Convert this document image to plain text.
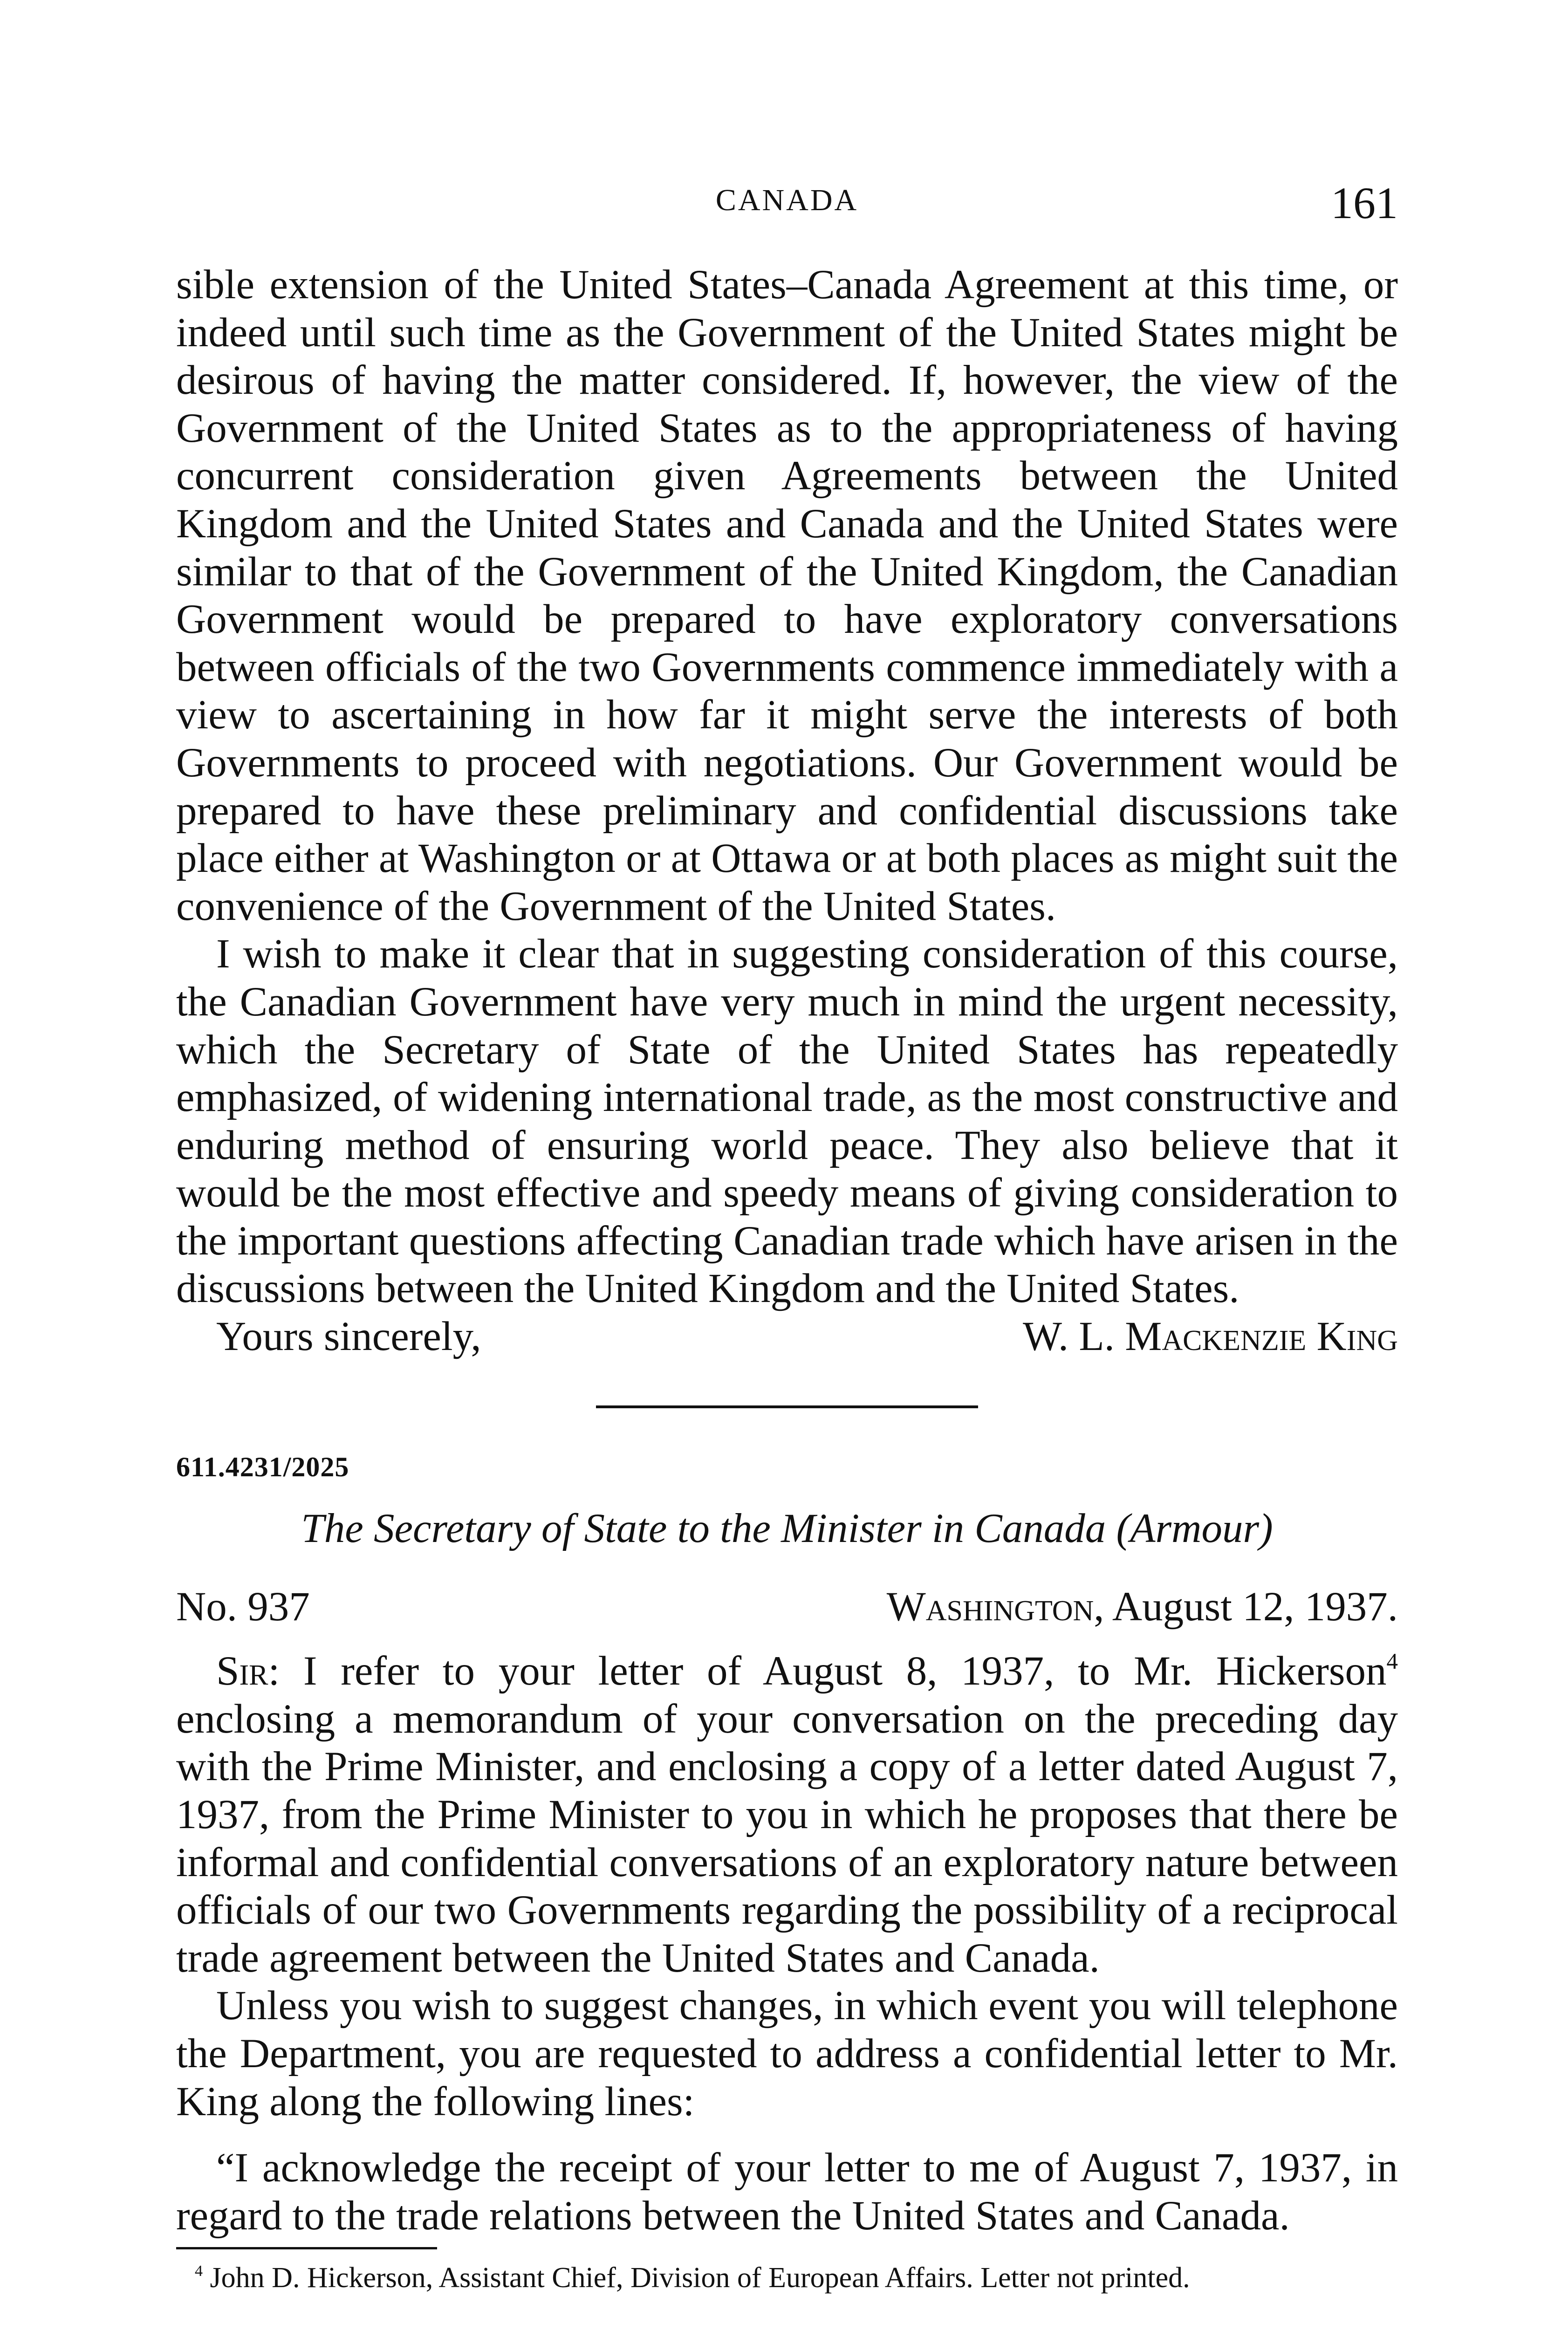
CANADA	161

sible extension of the United States–Canada Agreement at this time, or indeed until such time as the Government of the United States might be desirous of having the matter considered. If, however, the view of the Government of the United States as to the appropriateness of having concurrent consideration given Agreements between the United Kingdom and the United States and Canada and the United States were similar to that of the Government of the United Kingdom, the Canadian Government would be prepared to have exploratory conversations between officials of the two Governments commence immediately with a view to ascertaining in how far it might serve the interests of both Governments to proceed with negotiations. Our Government would be prepared to have these preliminary and confidential discussions take place either at Washington or at Ottawa or at both places as might suit the convenience of the Government of the United States.

I wish to make it clear that in suggesting consideration of this course, the Canadian Government have very much in mind the urgent necessity, which the Secretary of State of the United States has repeatedly emphasized, of widening international trade, as the most constructive and enduring method of ensuring world peace. They also believe that it would be the most effective and speedy means of giving consideration to the important questions affecting Canadian trade which have arisen in the discussions between the United Kingdom and the United States.

Yours sincerely,	W. L. Mackenzie King
611.4231/2025
The Secretary of State to the Minister in Canada (Armour)
No. 937	Washington, August 12, 1937.

Sir: I refer to your letter of August 8, 1937, to Mr. Hickerson$^4$ enclosing a memorandum of your conversation on the preceding day with the Prime Minister, and enclosing a copy of a letter dated August 7, 1937, from the Prime Minister to you in which he proposes that there be informal and confidential conversations of an exploratory nature between officials of our two Governments regarding the possibility of a reciprocal trade agreement between the United States and Canada.

Unless you wish to suggest changes, in which event you will telephone the Department, you are requested to address a confidential letter to Mr. King along the following lines:

“I acknowledge the receipt of your letter to me of August 7, 1937, in regard to the trade relations between the United States and Canada.

$^4$ John D. Hickerson, Assistant Chief, Division of European Affairs. Letter not printed.
